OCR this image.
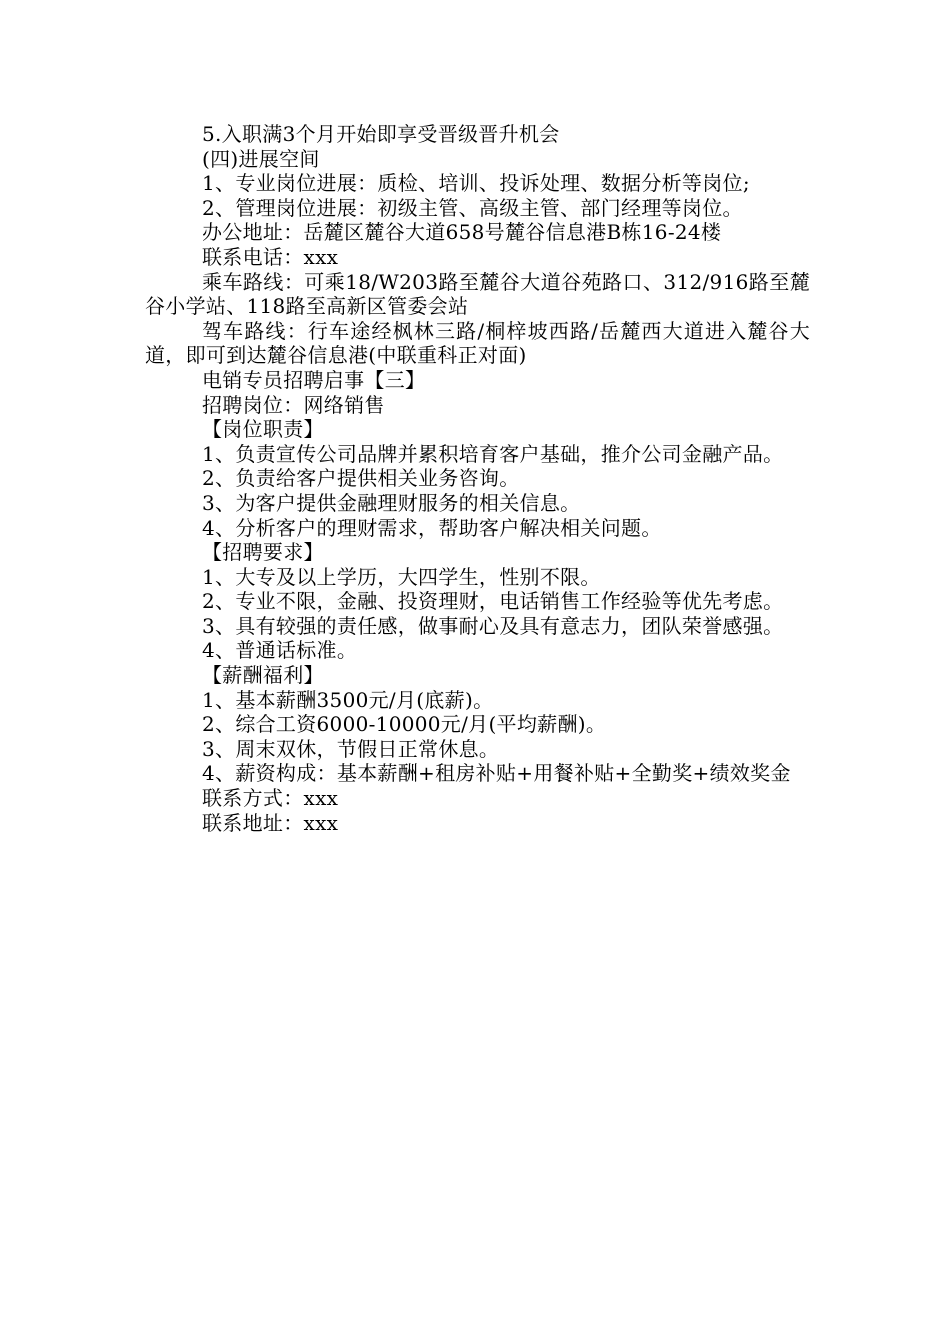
5.入职满3个月开始即享受晋级晋升机会

(四)进展空间

1、专业岗位进展：质检、培训、投诉处理、数据分析等岗位;

2、管理岗位进展：初级主管、高级主管、部门经理等岗位。

办公地址：岳麓区麓谷大道658号麓谷信息港B栋16-24楼

联系电话：xxx

乘车路线：可乘18/W203路至麓谷大道谷苑路口、312/916路至麓谷小学站、118路至高新区管委会站

驾车路线：行车途经枫林三路/桐梓坡西路/岳麓西大道进入麓谷大道，即可到达麓谷信息港(中联重科正对面)

电销专员招聘启事【三】

招聘岗位：网络销售

【岗位职责】

1、负责宣传公司品牌并累积培育客户基础，推介公司金融产品。

2、负责给客户提供相关业务咨询。

3、为客户提供金融理财服务的相关信息。

4、分析客户的理财需求，帮助客户解决相关问题。

【招聘要求】

1、大专及以上学历，大四学生，性别不限。

2、专业不限，金融、投资理财，电话销售工作经验等优先考虑。

3、具有较强的责任感，做事耐心及具有意志力，团队荣誉感强。

4、普通话标准。

【薪酬福利】

1、基本薪酬3500元/月(底薪)。

2、综合工资6000-10000元/月(平均薪酬)。

3、周末双休，节假日正常休息。

4、薪资构成：基本薪酬+租房补贴+用餐补贴+全勤奖+绩效奖金

联系方式：xxx

联系地址：xxx
